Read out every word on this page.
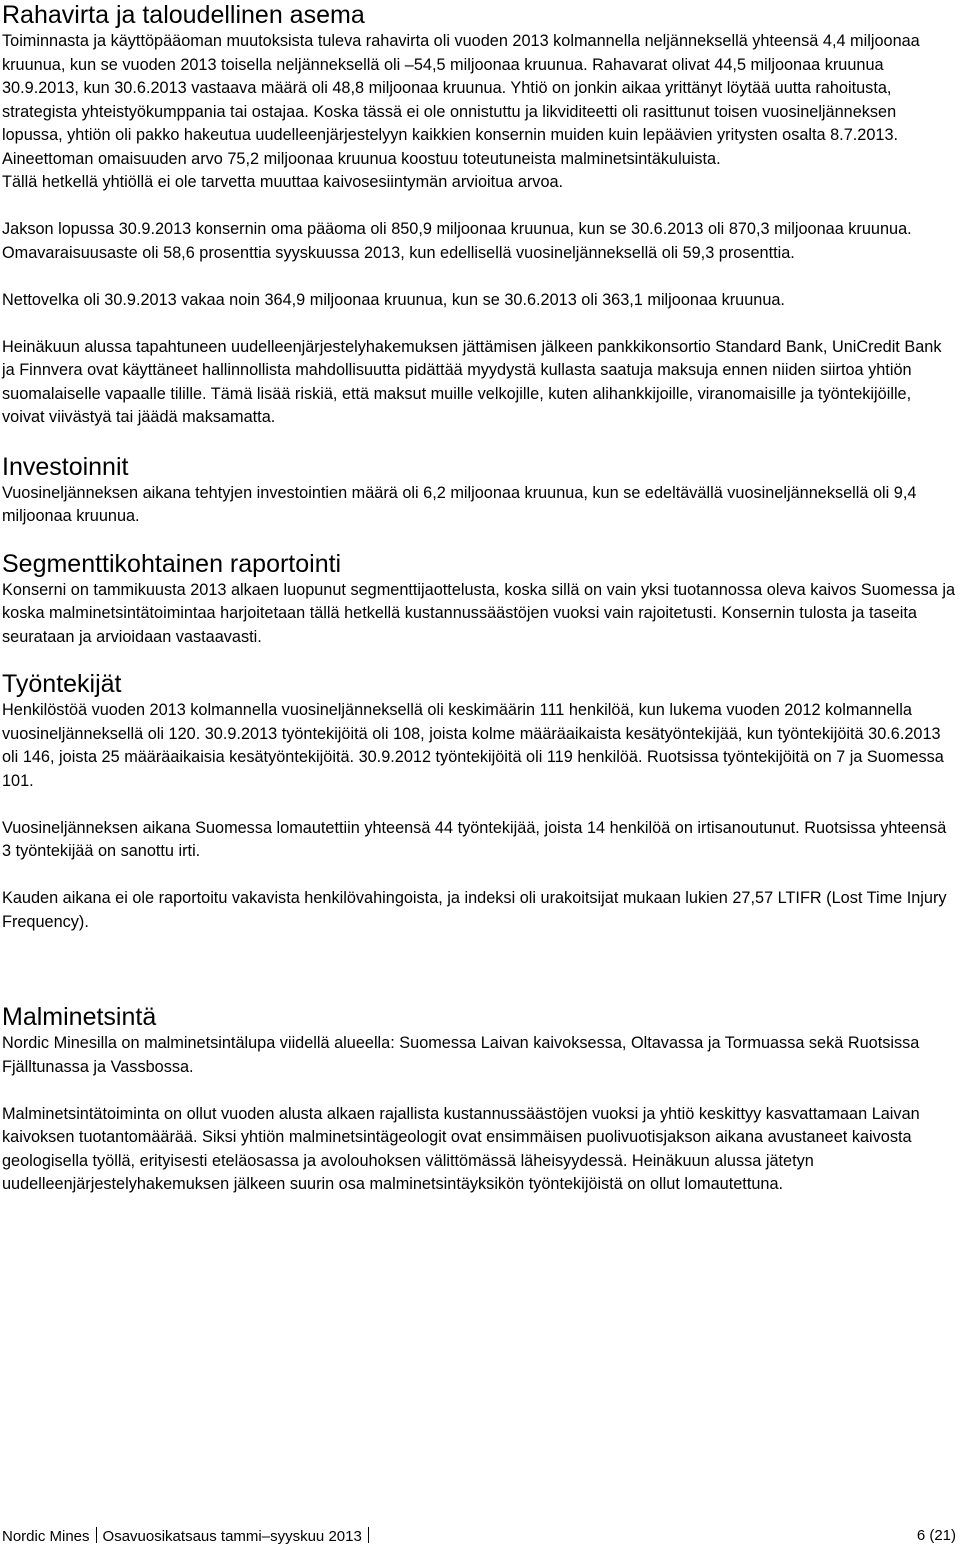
Rahavirta ja taloudellinen asema

Toiminnasta ja käyttöpääoman muutoksista tuleva rahavirta oli vuoden 2013 kolmannella neljänneksellä yhteensä 4,4 miljoonaa kruunua, kun se vuoden 2013 toisella neljänneksellä oli –54,5 miljoonaa kruunua. Rahavarat olivat 44,5 miljoonaa kruunua 30.9.2013, kun 30.6.2013 vastaava määrä oli 48,8 miljoonaa kruunua. Yhtiö on jonkin aikaa yrittänyt löytää uutta rahoitusta, strategista yhteistyökumppania tai ostajaa. Koska tässä ei ole onnistuttu ja likviditeetti oli rasittunut toisen vuosineljänneksen lopussa, yhtiön oli pakko hakeutua uudelleenjärjestelyyn kaikkien konsernin muiden kuin lepäävien yritysten osalta 8.7.2013. Aineettoman omaisuuden arvo 75,2 miljoonaa kruunua koostuu toteutuneista malminetsintäkuluista.

Tällä hetkellä yhtiöllä ei ole tarvetta muuttaa kaivosesiintymän arvioitua arvoa.

Jakson lopussa 30.9.2013 konsernin oma pääoma oli 850,9 miljoonaa kruunua, kun se 30.6.2013 oli 870,3 miljoonaa kruunua. Omavaraisuusaste oli 58,6 prosenttia syyskuussa 2013, kun edellisellä vuosineljänneksellä oli 59,3 prosenttia.

Nettovelka oli 30.9.2013 vakaa noin 364,9 miljoonaa kruunua, kun se 30.6.2013 oli 363,1 miljoonaa kruunua.

Heinäkuun alussa tapahtuneen uudelleenjärjestelyhakemuksen jättämisen jälkeen pankkikonsortio Standard Bank, UniCredit Bank ja Finnvera ovat käyttäneet hallinnollista mahdollisuutta pidättää myydystä kullasta saatuja maksuja ennen niiden siirtoa yhtiön suomalaiselle vapaalle tilille. Tämä lisää riskiä, että maksut muille velkojille, kuten alihankkijoille, viranomaisille ja työntekijöille, voivat viivästyä tai jäädä maksamatta.

Investoinnit

Vuosineljänneksen aikana tehtyjen investointien määrä oli 6,2 miljoonaa kruunua, kun se edeltävällä vuosineljänneksellä oli 9,4 miljoonaa kruunua.

Segmenttikohtainen raportointi

Konserni on tammikuusta 2013 alkaen luopunut segmenttijaottelusta, koska sillä on vain yksi tuotannossa oleva kaivos Suomessa ja koska malminetsintätoimintaa harjoitetaan tällä hetkellä kustannussäästöjen vuoksi vain rajoitetusti. Konsernin tulosta ja taseita seurataan ja arvioidaan vastaavasti.

Työntekijät

Henkilöstöä vuoden 2013 kolmannella vuosineljänneksellä oli keskimäärin 111 henkilöä, kun lukema vuoden 2012 kolmannella vuosineljänneksellä oli 120. 30.9.2013 työntekijöitä oli 108, joista kolme määräaikaista kesätyöntekijää, kun työntekijöitä 30.6.2013 oli 146, joista 25 määräaikaisia kesätyöntekijöitä. 30.9.2012 työntekijöitä oli 119 henkilöä. Ruotsissa työntekijöitä on 7 ja Suomessa 101.

Vuosineljänneksen aikana Suomessa lomautettiin yhteensä 44 työntekijää, joista 14 henkilöä on irtisanoutunut. Ruotsissa yhteensä 3 työntekijää on sanottu irti.

Kauden aikana ei ole raportoitu vakavista henkilövahingoista, ja indeksi oli urakoitsijat mukaan lukien 27,57 LTIFR (Lost Time Injury Frequency).

Malminetsintä

Nordic Minesilla on malminetsintälupa viidellä alueella: Suomessa Laivan kaivoksessa, Oltavassa ja Tormuassa sekä Ruotsissa Fjälltunassa ja Vassbossa.

Malminetsintätoiminta on ollut vuoden alusta alkaen rajallista kustannussäästöjen vuoksi ja yhtiö keskittyy kasvattamaan Laivan kaivoksen tuotantomäärää. Siksi yhtiön malminetsintägeologit ovat ensimmäisen puolivuotisjakson aikana avustaneet kaivosta geologisella työllä, erityisesti eteläosassa ja avolouhoksen välittömässä läheisyydessä. Heinäkuun alussa jätetyn uudelleenjärjestelyhakemuksen jälkeen suurin osa malminetsintäyksikön työntekijöistä on ollut lomautettuna.

Nordic Mines Osavuosikatsaus tammi–syyskuu 2013	6 (21)
